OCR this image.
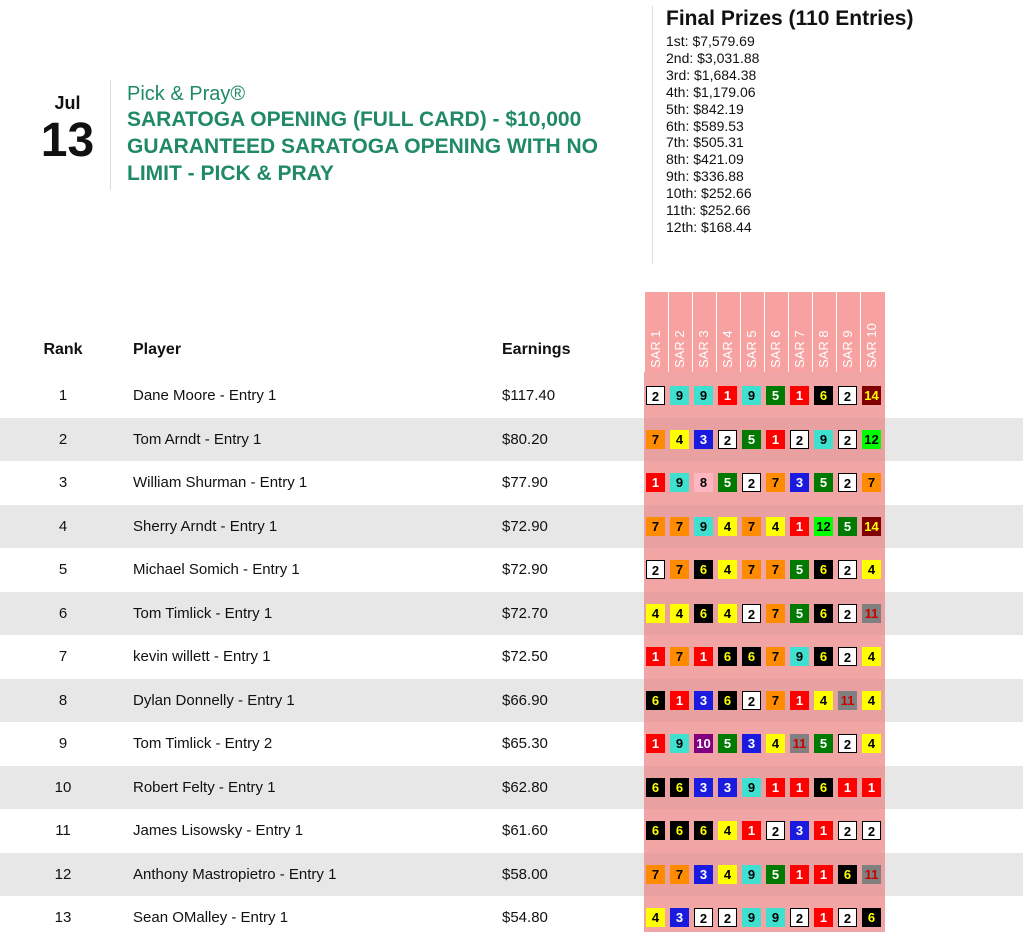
Jul
13
Pick & Pray®
SARATOGA OPENING (FULL CARD) - $10,000 GUARANTEED SARATOGA OPENING WITH NO LIMIT - PICK & PRAY
Final Prizes (110 Entries)
1st: $7,579.69
2nd: $3,031.88
3rd: $1,684.38
4th: $1,179.06
5th: $842.19
6th: $589.53
7th: $505.31
8th: $421.09
9th: $336.88
10th: $252.66
11th: $252.66
12th: $168.44
Rank	Player	Earnings
1	Dane Moore - Entry 1	$117.40	2	9	9	1	9	5	1	6	2	14
2	Tom Arndt - Entry 1	$80.20	7	4	3	2	5	1	2	9	2	12
3	William Shurman - Entry 1	$77.90	1	9	8	5	2	7	3	5	2	7
4	Sherry Arndt - Entry 1	$72.90	7	7	9	4	7	4	1	12	5	14
5	Michael Somich - Entry 1	$72.90	2	7	6	4	7	7	5	6	2	4
6	Tom Timlick - Entry 1	$72.70	4	4	6	4	2	7	5	6	2	11
7	kevin willett - Entry 1	$72.50	1	7	1	6	6	7	9	6	2	4
8	Dylan Donnelly - Entry 1	$66.90	6	1	3	6	2	7	1	4	11	4
9	Tom Timlick - Entry 2	$65.30	1	9	10	5	3	4	11	5	2	4
10	Robert Felty - Entry 1	$62.80	6	6	3	3	9	1	1	6	1	1
11	James Lisowsky - Entry 1	$61.60	6	6	6	4	1	2	3	1	2	2
12	Anthony Mastropietro - Entry 1	$58.00	7	7	3	4	9	5	1	1	6	11
13	Sean OMalley - Entry 1	$54.80	4	3	2	2	9	9	2	1	2	6
SAR 1 SAR 2 SAR 3 SAR 4 SAR 5 SAR 6 SAR 7 SAR 8 SAR 9 SAR 10
